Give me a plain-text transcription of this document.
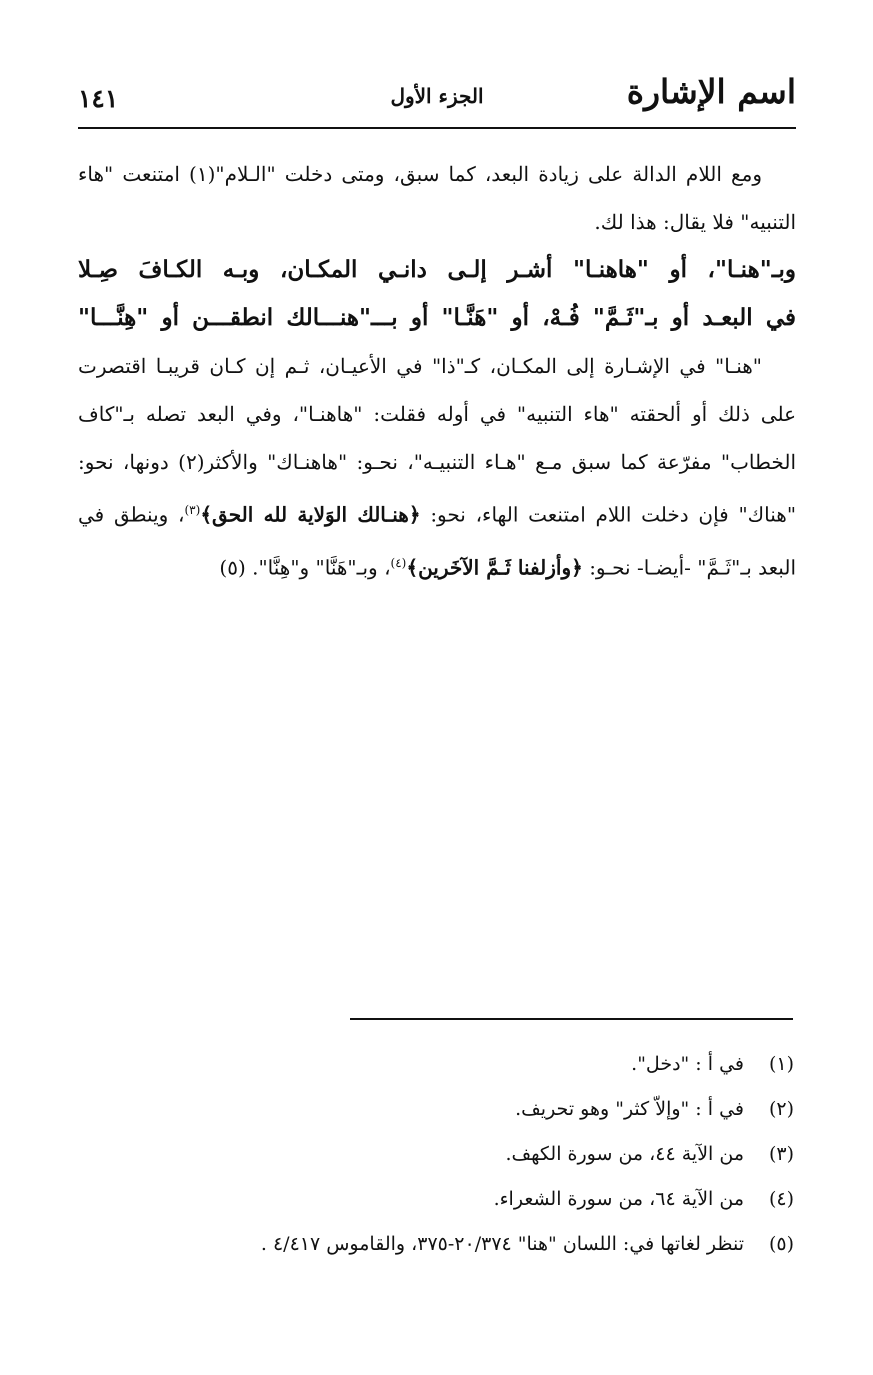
اسم الإشارة
الجزء الأول
١٤١
ومع اللام الدالة على زيادة البعد، كما سبق، ومتى دخلت "الـلام"(١) امتنعت "هاء التنبيه" فلا يقال: هذا لك.
وبـ"هنـا"، أو "هاهنـا" أشـر إلـى دانـي المكـان، وبـه الكـافَ صِـلا
في البعـد أو بـ"ثَـمَّ" فُـهْ، أو "هَنَّـا" أو بـــ"هنـــالك انطقـــن أو "هِنَّـــا"
"هنـا" في الإشـارة إلى المكـان، كـ"ذا" في الأعيـان، ثـم إن كـان قريبـا اقتصرت على ذلك أو ألحقته "هاء التنبيه" في أوله فقلت: "هاهنـا"، وفي البعد تصله بـ"كاف الخطاب" مفرّعة كما سبق مـع "هـاء التنبيـه"، نحـو: "هاهنـاك" والأكثر(٢) دونها، نحو: "هناك" فإن دخلت اللام امتنعت الهاء، نحو: ﴿هنـالك الوَلاية لله الحق﴾$^{(٣)}$، وينطق في البعد بـ"ثَـمَّ" -أيضـا- نحـو: ﴿وأزلفنا ثَـمَّ الآخَرين﴾$^{(٤)}$، وبـ"هَنَّا" و"هِنَّا". (٥)
(١)
في أ : "دخل".
(٢)
في أ : "وإلاّ كثر" وهو تحريف.
(٣)
من الآية ٤٤، من سورة الكهف.
(٤)
من الآية ٦٤، من سورة الشعراء.
(٥)
تنظر لغاتها في: اللسان "هنا" ٢٠/٣٧٤-٣٧٥، والقاموس ٤/٤١٧ .
